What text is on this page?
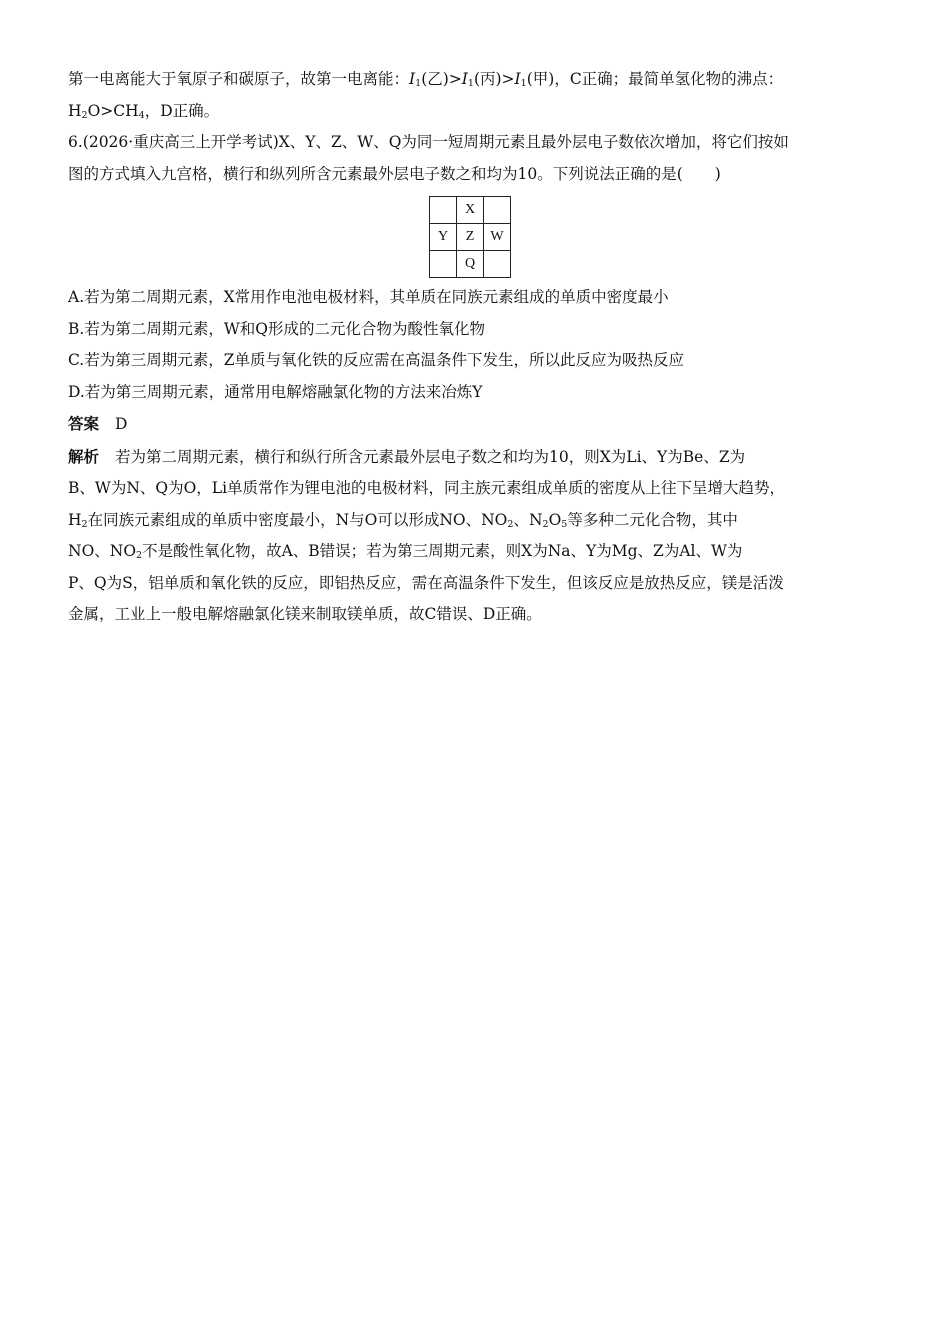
第一电离能大于氧原子和碳原子，故第一电离能：$I_1$(乙)$>I_1$(丙)$>I_1$(甲)，C正确；最简单氢化物的沸点：
$H_2O>CH_4$，D正确。
6.(2026·重庆高三上开学考试)X、Y、Z、W、Q为同一短周期元素且最外层电子数依次增加，将它们按如
图的方式填入九宫格，横行和纵列所含元素最外层电子数之和均为10。下列说法正确的是( )
	X	
Y	Z	W
	Q	
A.若为第二周期元素，X常用作电池电极材料，其单质在同族元素组成的单质中密度最小
B.若为第二周期元素，W和Q形成的二元化合物为酸性氧化物
C.若为第三周期元素，Z单质与氧化铁的反应需在高温条件下发生，所以此反应为吸热反应
D.若为第三周期元素，通常用电解熔融氯化物的方法来冶炼Y
答案 D
解析 若为第二周期元素，横行和纵行所含元素最外层电子数之和均为10，则X为Li、Y为Be、Z为
B、W为N、Q为O，Li单质常作为锂电池的电极材料，同主族元素组成单质的密度从上往下呈增大趋势，
$H_2$在同族元素组成的单质中密度最小，N与O可以形成NO、$NO_2$、$N_2O_5$等多种二元化合物，其中
NO、$NO_2$不是酸性氧化物，故A、B错误；若为第三周期元素，则X为Na、Y为Mg、Z为Al、W为
P、Q为S，铝单质和氧化铁的反应，即铝热反应，需在高温条件下发生，但该反应是放热反应，镁是活泼
金属，工业上一般电解熔融氯化镁来制取镁单质，故C错误、D正确。
